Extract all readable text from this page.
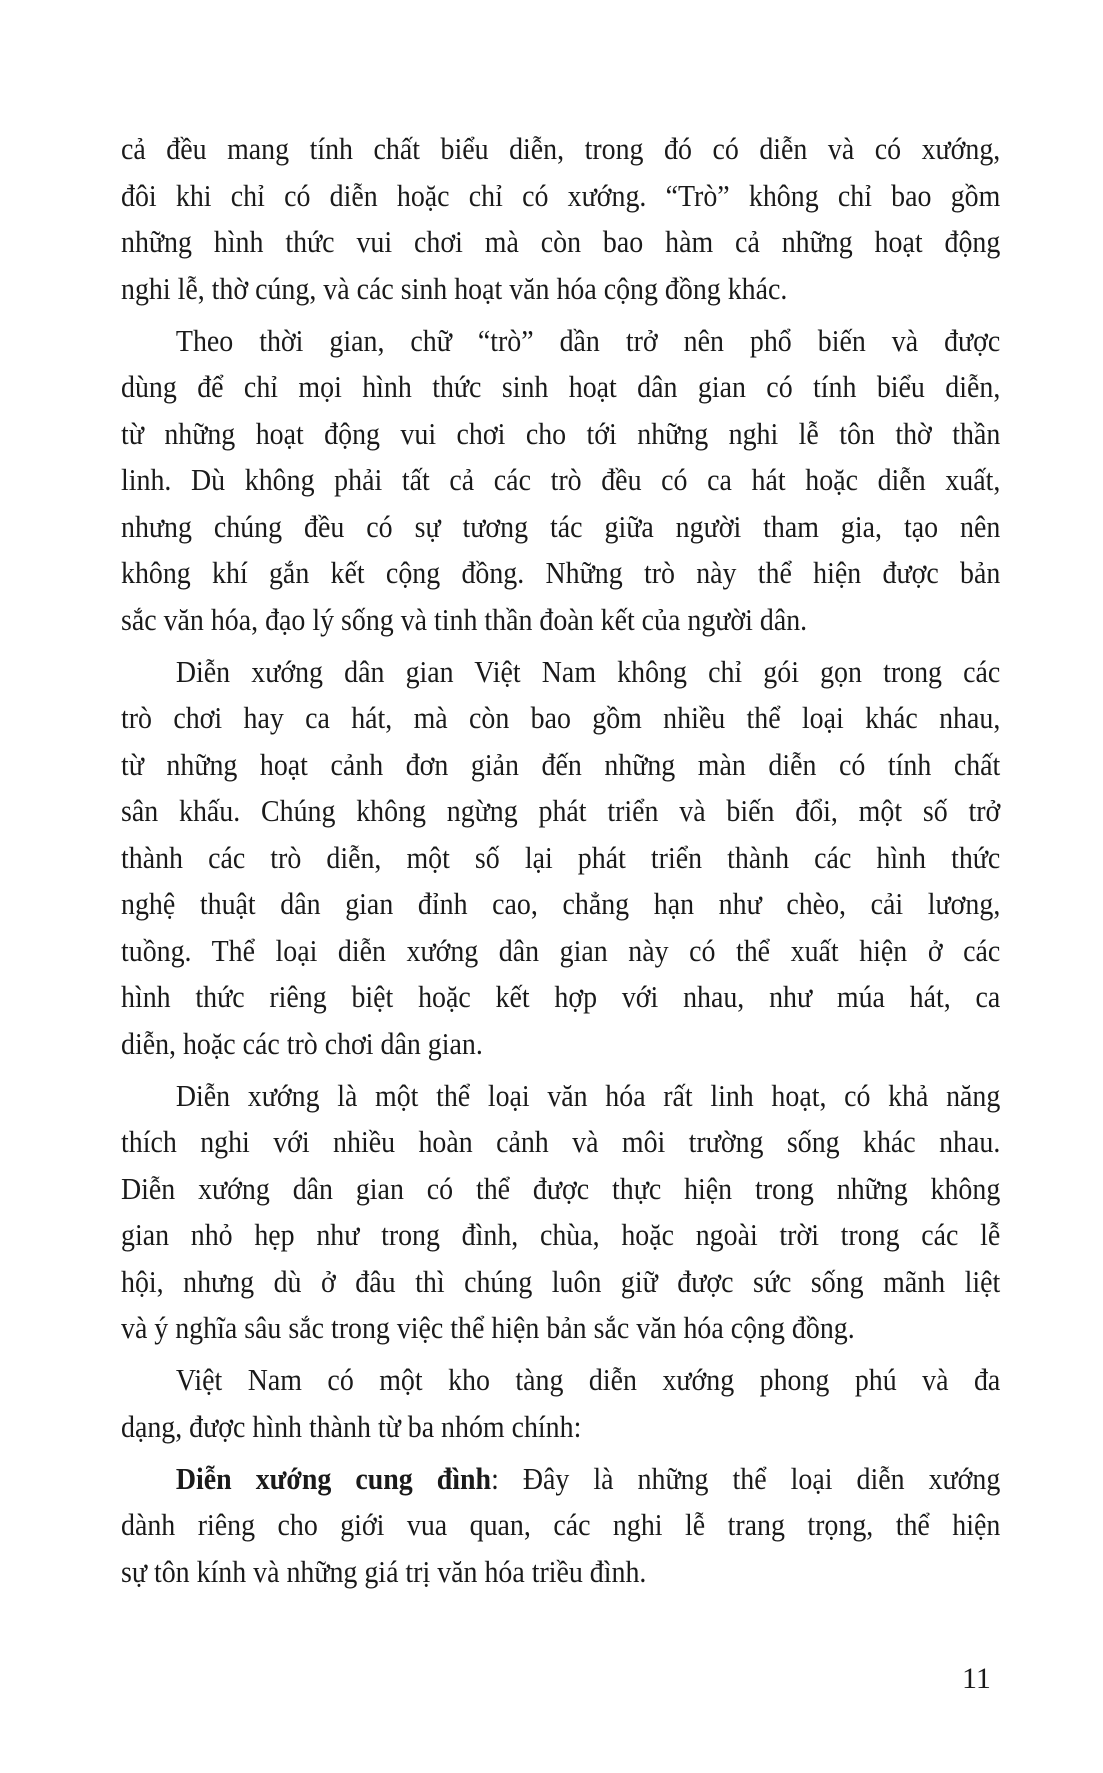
cả đều mang tính chất biểu diễn, trong đó có diễn và có xướng,
đôi khi chỉ có diễn hoặc chỉ có xướng. “Trò” không chỉ bao gồm
những hình thức vui chơi mà còn bao hàm cả những hoạt động
nghi lễ, thờ cúng, và các sinh hoạt văn hóa cộng đồng khác.
Theo thời gian, chữ “trò” dần trở nên phổ biến và được
dùng để chỉ mọi hình thức sinh hoạt dân gian có tính biểu diễn,
từ những hoạt động vui chơi cho tới những nghi lễ tôn thờ thần
linh. Dù không phải tất cả các trò đều có ca hát hoặc diễn xuất,
nhưng chúng đều có sự tương tác giữa người tham gia, tạo nên
không khí gắn kết cộng đồng. Những trò này thể hiện được bản
sắc văn hóa, đạo lý sống và tinh thần đoàn kết của người dân.
Diễn xướng dân gian Việt Nam không chỉ gói gọn trong các
trò chơi hay ca hát, mà còn bao gồm nhiều thể loại khác nhau,
từ những hoạt cảnh đơn giản đến những màn diễn có tính chất
sân khấu. Chúng không ngừng phát triển và biến đổi, một số trở
thành các trò diễn, một số lại phát triển thành các hình thức
nghệ thuật dân gian đỉnh cao, chẳng hạn như chèo, cải lương,
tuồng. Thể loại diễn xướng dân gian này có thể xuất hiện ở các
hình thức riêng biệt hoặc kết hợp với nhau, như múa hát, ca
diễn, hoặc các trò chơi dân gian.
Diễn xướng là một thể loại văn hóa rất linh hoạt, có khả năng
thích nghi với nhiều hoàn cảnh và môi trường sống khác nhau.
Diễn xướng dân gian có thể được thực hiện trong những không
gian nhỏ hẹp như trong đình, chùa, hoặc ngoài trời trong các lễ
hội, nhưng dù ở đâu thì chúng luôn giữ được sức sống mãnh liệt
và ý nghĩa sâu sắc trong việc thể hiện bản sắc văn hóa cộng đồng.
Việt Nam có một kho tàng diễn xướng phong phú và đa
dạng, được hình thành từ ba nhóm chính:
Diễn xướng cung đình: Đây là những thể loại diễn xướng
dành riêng cho giới vua quan, các nghi lễ trang trọng, thể hiện
sự tôn kính và những giá trị văn hóa triều đình.
11
